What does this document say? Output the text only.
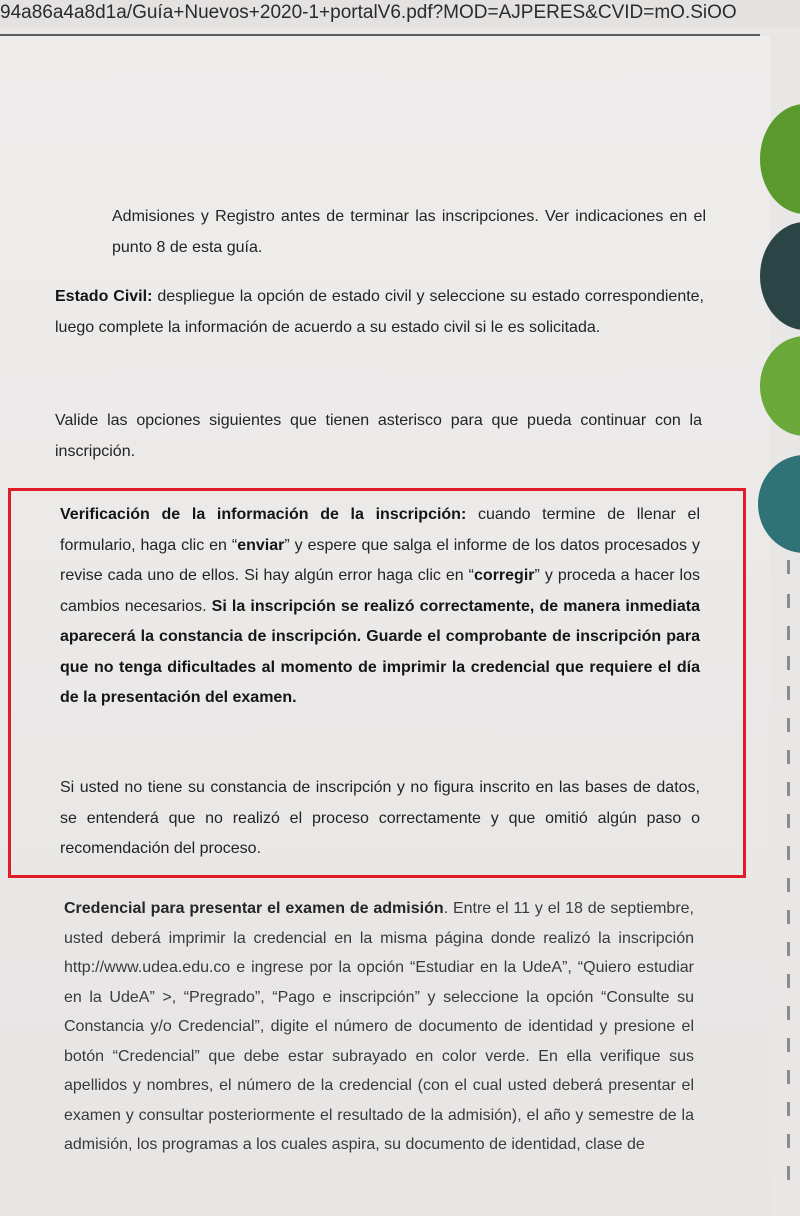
94a86a4a8d1a/Guía+Nuevos+2020-1+portalV6.pdf?MOD=AJPERES&CVID=mO.SiOO
Admisiones y Registro antes de terminar las inscripciones. Ver indicaciones en el punto 8 de esta guía.
Estado Civil: despliegue la opción de estado civil y seleccione su estado correspondiente, luego complete la información de acuerdo a su estado civil si le es solicitada.
Valide las opciones siguientes que tienen asterisco para que pueda continuar con la inscripción.
Verificación de la información de la inscripción: cuando termine de llenar el formulario, haga clic en “enviar” y espere que salga el informe de los datos procesados y revise cada uno de ellos. Si hay algún error haga clic en “corregir” y proceda a hacer los cambios necesarios. Si la inscripción se realizó correctamente, de manera inmediata aparecerá la constancia de inscripción. Guarde el comprobante de inscripción para que no tenga dificultades al momento de imprimir la credencial que requiere el día de la presentación del examen.
Si usted no tiene su constancia de inscripción y no figura inscrito en las bases de datos, se entenderá que no realizó el proceso correctamente y que omitió algún paso o recomendación del proceso.
Credencial para presentar el examen de admisión. Entre el 11 y el 18 de septiembre, usted deberá imprimir la credencial en la misma página donde realizó la inscripción http://www.udea.edu.co e ingrese por la opción “Estudiar en la UdeA”, “Quiero estudiar en la UdeA” >, “Pregrado”, “Pago e inscripción” y seleccione la opción “Consulte su Constancia y/o Credencial”, digite el número de documento de identidad y presione el botón “Credencial” que debe estar subrayado en color verde. En ella verifique sus apellidos y nombres, el número de la credencial (con el cual usted deberá presentar el examen y consultar posteriormente el resultado de la admisión), el año y semestre de la admisión, los programas a los cuales aspira, su documento de identidad, clase de
